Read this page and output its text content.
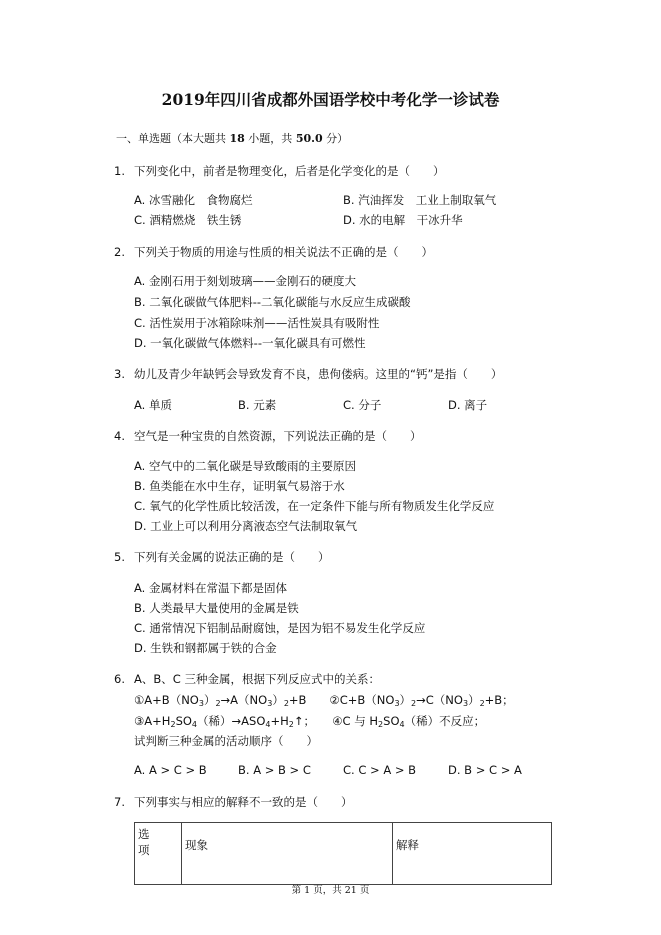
2019年四川省成都外国语学校中考化学一诊试卷
一、单选题（本大题共 18 小题，共 50.0 分）
1. 下列变化中，前者是物理变化，后者是化学变化的是（　　）
A. 冰雪融化　食物腐烂	B. 汽油挥发　工业上制取氧气
C. 酒精燃烧　铁生锈	D. 水的电解　干冰升华
2. 下列关于物质的用途与性质的相关说法不正确的是（　　）
A. 金刚石用于刻划玻璃——金刚石的硬度大
B. 二氧化碳做气体肥料--二氧化碳能与水反应生成碳酸
C. 活性炭用于冰箱除味剂——活性炭具有吸附性
D. 一氧化碳做气体燃料--一氧化碳具有可燃性
3. 幼儿及青少年缺钙会导致发育不良，患佝偻病。这里的“钙”是指（　　）
A. 单质	B. 元素	C. 分子	D. 离子
4. 空气是一种宝贵的自然资源，下列说法正确的是（　　）
A. 空气中的二氧化碳是导致酸雨的主要原因
B. 鱼类能在水中生存，证明氧气易溶于水
C. 氧气的化学性质比较活泼，在一定条件下能与所有物质发生化学反应
D. 工业上可以利用分离液态空气法制取氧气
5. 下列有关金属的说法正确的是（　　）
A. 金属材料在常温下都是固体
B. 人类最早大量使用的金属是铁
C. 通常情况下铝制品耐腐蚀，是因为铝不易发生化学反应
D. 生铁和钢都属于铁的合金
6. A、B、C 三种金属，根据下列反应式中的关系：
$①A+B(NO_3)_2\to A(NO_3)_2+B$　　$②C+B(NO_3)_2\to C(NO_3)_2+B$；
$③A+H_2SO_4$（稀）$\to ASO_4+H_2↑$；　　④C 与 $H_2SO_4$（稀）不反应；
试判断三种金属的活动顺序（　　）
A. A > C > B	B. A > B > C	C. C > A > B	D. B > C > A
7. 下列事实与相应的解释不一致的是（　　）
选
项	现象	解释
第 1 页，共 21 页
